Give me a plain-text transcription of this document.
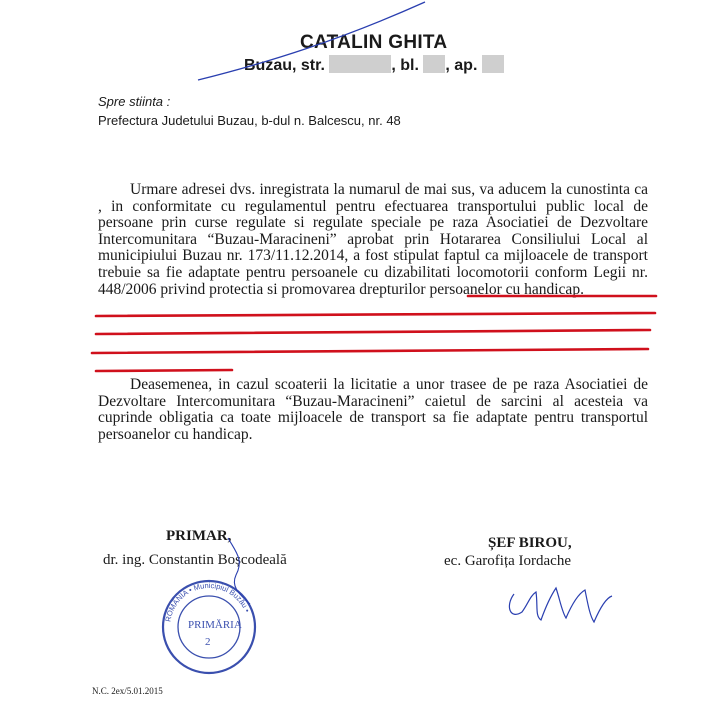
CATALIN GHITA
Buzau, str.	, bl. , ap.
Spre stiinta :
Prefectura Judetului Buzau, b-dul n. Balcescu, nr. 48
Urmare adresei dvs. inregistrata la numarul de mai sus, va aducem la cunostinta ca , in conformitate cu regulamentul pentru efectuarea transportului public local de persoane prin curse regulate si regulate speciale pe raza Asociatiei de Dezvoltare Intercomunitara “Buzau-Maracineni” aprobat prin Hotararea Consiliului Local al municipiului Buzau nr. 173/11.12.2014, a fost stipulat faptul ca mijloacele de transport trebuie sa fie adaptate pentru persoanele cu dizabilitati locomotorii conform Legii nr. 448/2006 privind protectia si promovarea drepturilor persoanelor cu handicap.
Deasemenea, in cazul scoaterii la licitatie a unor trasee de pe raza Asociatiei de Dezvoltare Intercomunitara “Buzau-Maracineni” caietul de sarcini al acesteia va cuprinde obligatia ca toate mijloacele de transport sa fie adaptate pentru transportul persoanelor cu handicap.
PRIMAR,
dr. ing. Constantin Boșcodeală
ȘEF BIROU,
ec. Garofița Iordache
N.C. 2ex/5.01.2015
PRIMĂRIA
2
ROMÂNIA • Municipiul Buzău •
